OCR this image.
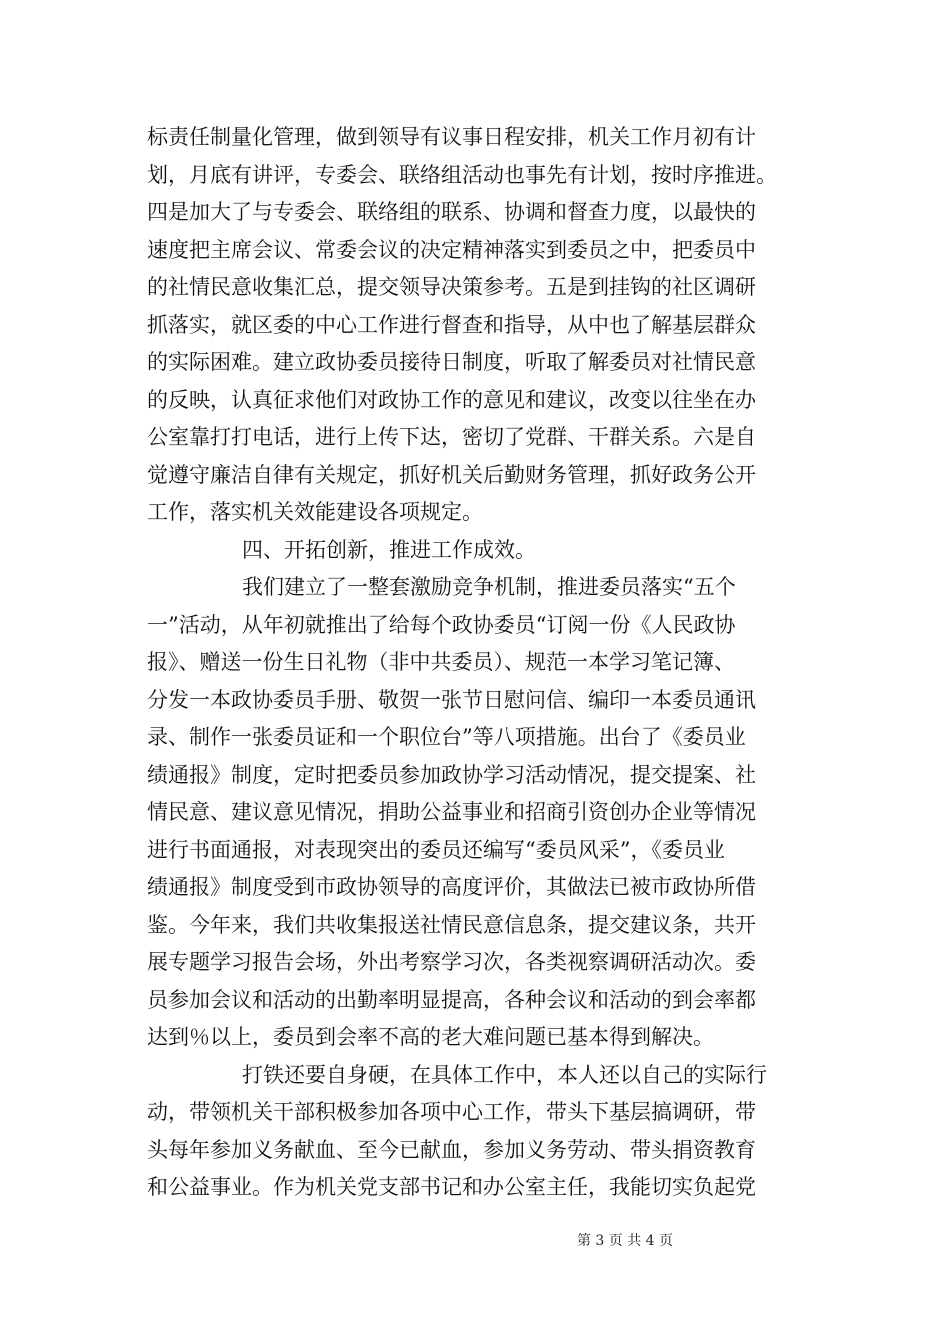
标责任制量化管理，做到领导有议事日程安排，机关工作月初有计
划，月底有讲评，专委会、联络组活动也事先有计划，按时序推进。
四是加大了与专委会、联络组的联系、协调和督查力度，以最快的
速度把主席会议、常委会议的决定精神落实到委员之中，把委员中
的社情民意收集汇总，提交领导决策参考。五是到挂钩的社区调研
抓落实，就区委的中心工作进行督查和指导，从中也了解基层群众
的实际困难。建立政协委员接待日制度，听取了解委员对社情民意
的反映，认真征求他们对政协工作的意见和建议，改变以往坐在办
公室靠打打电话，进行上传下达，密切了党群、干群关系。六是自
觉遵守廉洁自律有关规定，抓好机关后勤财务管理，抓好政务公开
工作，落实机关效能建设各项规定。
四、开拓创新，推进工作成效。
我们建立了一整套激励竞争机制，推进委员落实“五个
一”活动，从年初就推出了给每个政协委员“订阅一份《人民政协
报》、赠送一份生日礼物（非中共委员）、规范一本学习笔记簿、
分发一本政协委员手册、敬贺一张节日慰问信、编印一本委员通讯
录、制作一张委员证和一个职位台”等八项措施。出台了《委员业
绩通报》制度，定时把委员参加政协学习活动情况，提交提案、社
情民意、建议意见情况，捐助公益事业和招商引资创办企业等情况
进行书面通报，对表现突出的委员还编写“委员风采”，《委员业
绩通报》制度受到市政协领导的高度评价，其做法已被市政协所借
鉴。今年来，我们共收集报送社情民意信息条，提交建议条，共开
展专题学习报告会场，外出考察学习次，各类视察调研活动次。委
员参加会议和活动的出勤率明显提高，各种会议和活动的到会率都
达到％以上，委员到会率不高的老大难问题已基本得到解决。
打铁还要自身硬，在具体工作中，本人还以自己的实际行
动，带领机关干部积极参加各项中心工作，带头下基层搞调研，带
头每年参加义务献血、至今已献血，参加义务劳动、带头捐资教育
和公益事业。作为机关党支部书记和办公室主任，我能切实负起党
第 3 页 共 4 页
